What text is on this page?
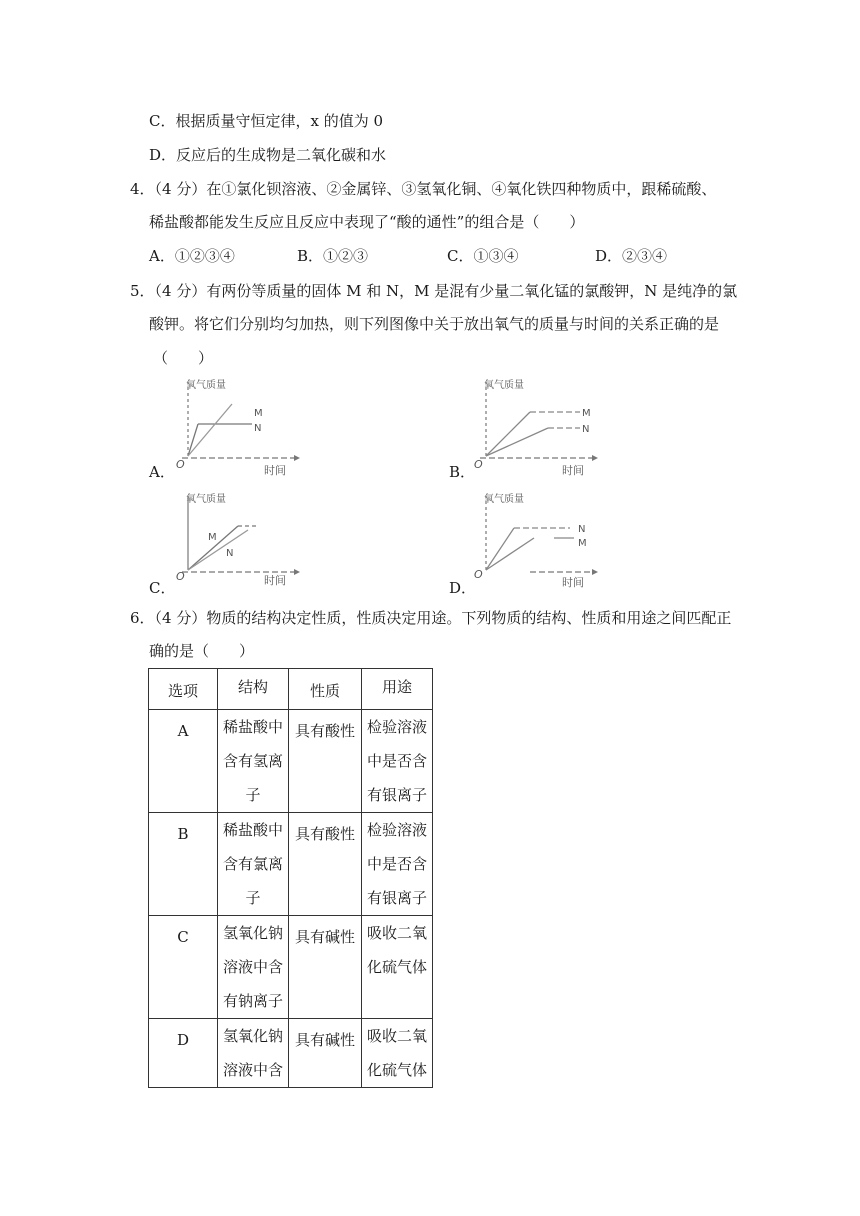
C．根据质量守恒定律，x 的值为 0
D．反应后的生成物是二氧化碳和水
4．（4 分）在①氯化钡溶液、②金属锌、③氢氧化铜、④氧化铁四种物质中，跟稀硫酸、
稀盐酸都能发生反应且反应中表现了“酸的通性”的组合是（　　）
A．①②③④	B．①②③	C．①③④	D．②③④
5．（4 分）有两份等质量的固体 M 和 N，M 是混有少量二氧化锰的氯酸钾，N 是纯净的氯
酸钾。将它们分别均匀加热，则下列图像中关于放出氧气的质量与时间的关系正确的是
（　　）
A．
氧气质量
时间
O
M
N
B．
氧气质量
时间
O
M
N
C．
氧气质量
时间
O
M
N
D．
氧气质量
时间
O
N
M
6．（4 分）物质的结构决定性质，性质决定用途。下列物质的结构、性质和用途之间匹配正
确的是（　　）
选项	结构	性质	用途
A	稀盐酸中含有氢离子	具有酸性	检验溶液中是否含有银离子
B	稀盐酸中含有氯离子	具有酸性	检验溶液中是否含有银离子
C	氢氧化钠溶液中含有钠离子	具有碱性	吸收二氧化硫气体
D	氢氧化钠溶液中含	具有碱性	吸收二氧化硫气体
